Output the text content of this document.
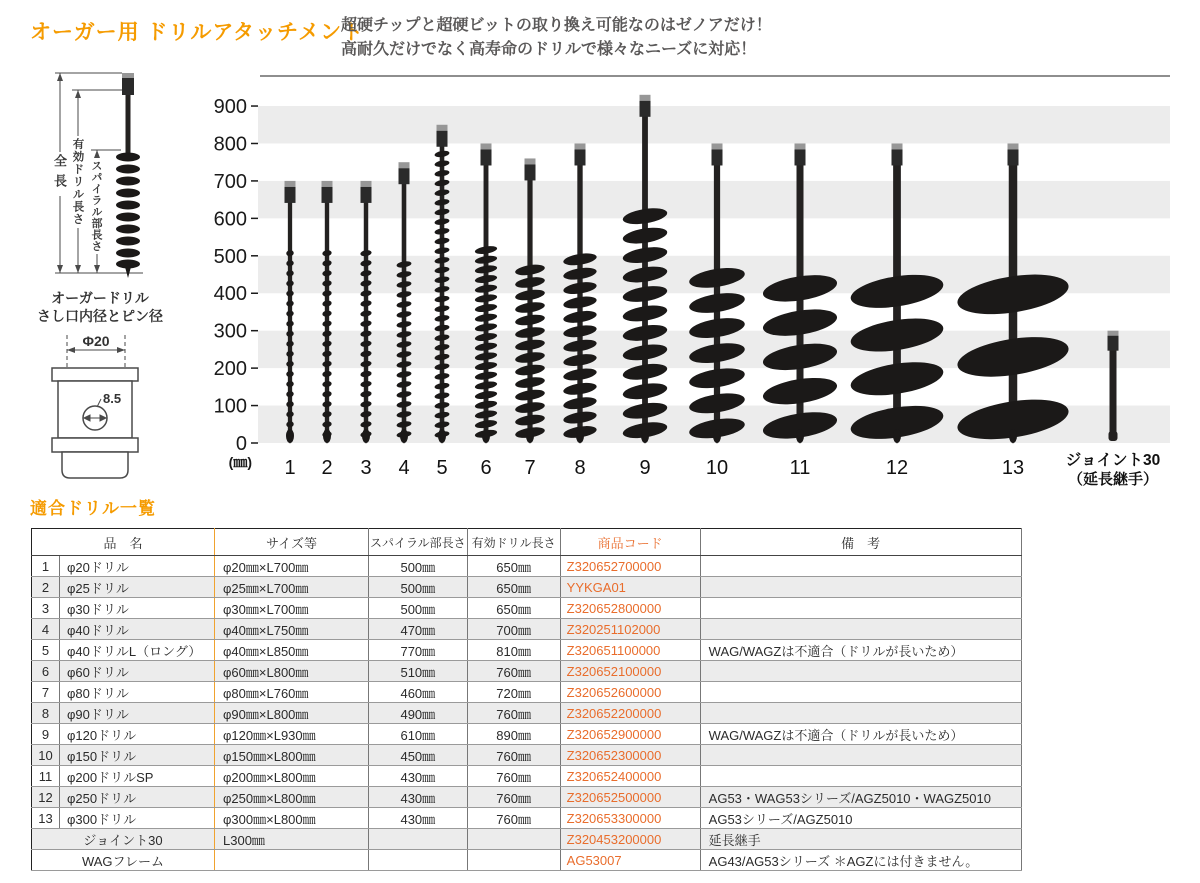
オーガー用 ドリルアタッチメント
超硬チップと超硬ビットの取り換え可能なのはゼノアだけ！
高耐久だけでなく高寿命のドリルで様々なニーズに対応！
0
100
200
300
400
500
600
700
800
900
(㎜) 1 2 3 4 5 6 7 8	9	10	11	12	13	ジョイント30
（延長継手）
Φ20
8.5
全長 有効ドリル長さ スパイラル部長さ
オーガードリル
さし口内径とピン径
適合ドリル一覧
品　名		サイズ等	スパイラル部長さ	有効ドリル長さ	商品コード	備　考
1	φ20ドリル	φ20㎜×L700㎜	500㎜	650㎜	Z320652700000	
2	φ25ドリル	φ25㎜×L700㎜	500㎜	650㎜	YYKGA01	
3	φ30ドリル	φ30㎜×L700㎜	500㎜	650㎜	Z320652800000	
4	φ40ドリル	φ40㎜×L750㎜	470㎜	700㎜	Z320251102000	
5	φ40ドリルL（ロング）	φ40㎜×L850㎜	770㎜	810㎜	Z320651100000	WAG/WAGZは不適合（ドリルが長いため）
6	φ60ドリル	φ60㎜×L800㎜	510㎜	760㎜	Z320652100000	
7	φ80ドリル	φ80㎜×L760㎜	460㎜	720㎜	Z320652600000	
8	φ90ドリル	φ90㎜×L800㎜	490㎜	760㎜	Z320652200000	
9	φ120ドリル	φ120㎜×L930㎜	610㎜	890㎜	Z320652900000	WAG/WAGZは不適合（ドリルが長いため）
10	φ150ドリル	φ150㎜×L800㎜	450㎜	760㎜	Z320652300000	
11	φ200ドリルSP	φ200㎜×L800㎜	430㎜	760㎜	Z320652400000	
12	φ250ドリル	φ250㎜×L800㎜	430㎜	760㎜	Z320652500000	AG53・WAG53シリーズ/AGZ5010・WAGZ5010
13	φ300ドリル	φ300㎜×L800㎜	430㎜	760㎜	Z320653300000	AG53シリーズ/AGZ5010
ジョイント30		L300㎜			Z320453200000	延長継手
WAGフレーム					AG53007	AG43/AG53シリーズ ＊AGZには付きません。
